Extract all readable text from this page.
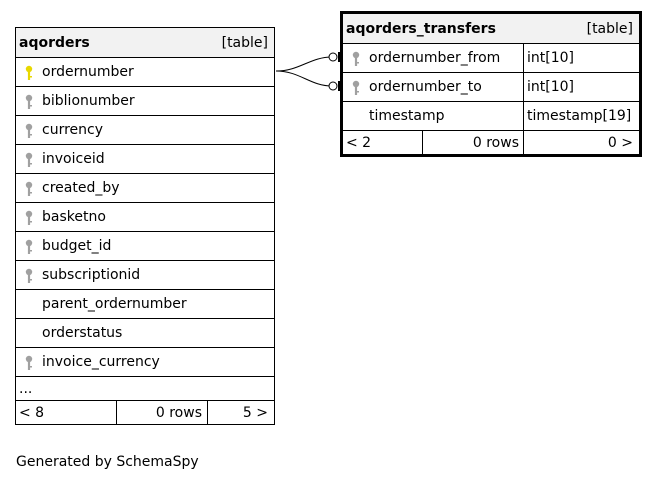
aqorders	[table]
ordernumber
biblionumber
currency
invoiceid
created_by
basketno
budget_id
subscriptionid
parent_ordernumber
orderstatus
invoice_currency
...
< 8	0 rows	5 >
aqorders_transfers	[table]
ordernumber_from int[10]
ordernumber_to	int[10]
timestamp	timestamp[19]
< 2	0 rows	0 >
Generated by SchemaSpy
